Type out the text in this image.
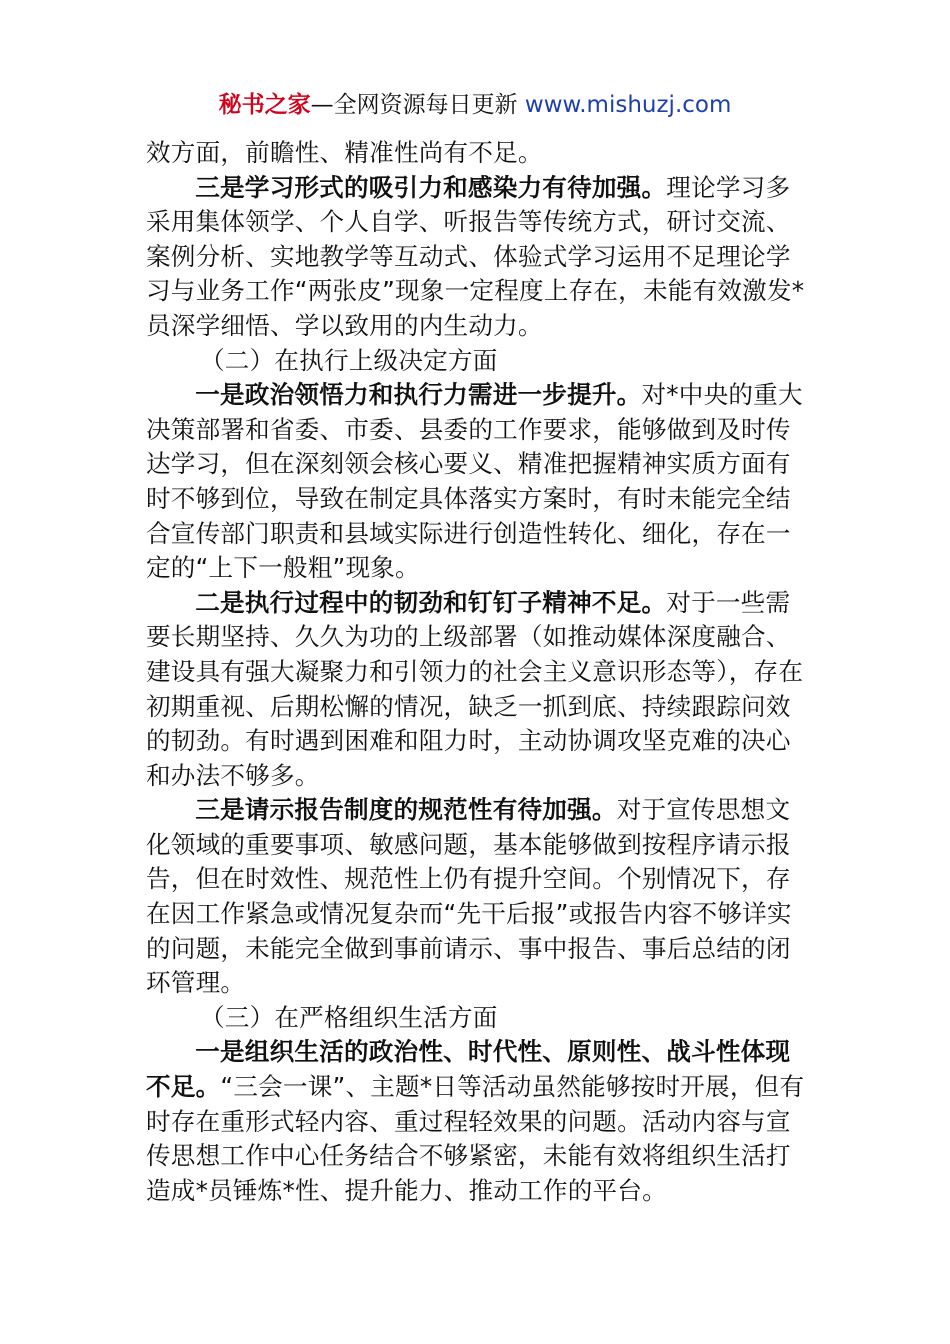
秘书之家—全网资源每日更新 www.mishuzj.com

效方面，前瞻性、精准性尚有不足。

三是学习形式的吸引力和感染力有待加强。理论学习多采用集体领学、个人自学、听报告等传统方式，研讨交流、案例分析、实地教学等互动式、体验式学习运用不足理论学习与业务工作“两张皮”现象一定程度上存在，未能有效激发*员深学细悟、学以致用的内生动力。

（二）在执行上级决定方面

一是政治领悟力和执行力需进一步提升。对*中央的重大决策部署和省委、市委、县委的工作要求，能够做到及时传达学习，但在深刻领会核心要义、精准把握精神实质方面有时不够到位，导致在制定具体落实方案时，有时未能完全结合宣传部门职责和县域实际进行创造性转化、细化，存在一定的“上下一般粗”现象。

二是执行过程中的韧劲和钉钉子精神不足。对于一些需要长期坚持、久久为功的上级部署（如推动媒体深度融合、建设具有强大凝聚力和引领力的社会主义意识形态等），存在初期重视、后期松懈的情况，缺乏一抓到底、持续跟踪问效的韧劲。有时遇到困难和阻力时，主动协调攻坚克难的决心和办法不够多。

三是请示报告制度的规范性有待加强。对于宣传思想文化领域的重要事项、敏感问题，基本能够做到按程序请示报告，但在时效性、规范性上仍有提升空间。个别情况下，存在因工作紧急或情况复杂而“先干后报”或报告内容不够详实的问题，未能完全做到事前请示、事中报告、事后总结的闭环管理。

（三）在严格组织生活方面

一是组织生活的政治性、时代性、原则性、战斗性体现不足。“三会一课”、主题*日等活动虽然能够按时开展，但有时存在重形式轻内容、重过程轻效果的问题。活动内容与宣传思想工作中心任务结合不够紧密，未能有效将组织生活打造成*员锤炼*性、提升能力、推动工作的平台。
